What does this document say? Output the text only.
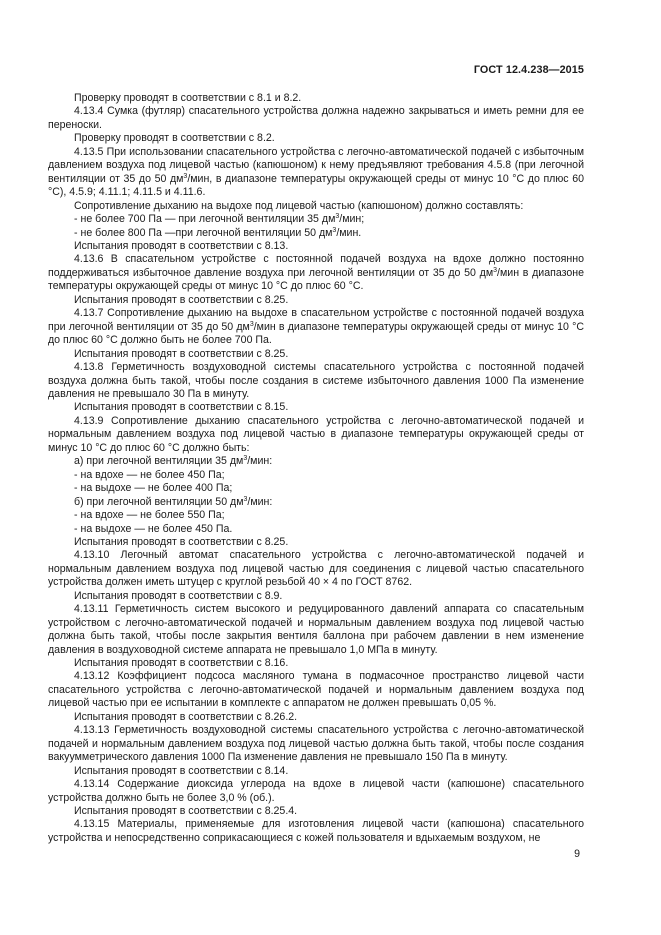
ГОСТ 12.4.238—2015

Проверку проводят в соответствии с 8.1 и 8.2.

4.13.4 Сумка (футляр) спасательного устройства должна надежно закрываться и иметь ремни для ее переноски.

Проверку проводят в соответствии с 8.2.

4.13.5 При использовании спасательного устройства с легочно-автоматической подачей с избыточным давлением воздуха под лицевой частью (капюшоном) к нему предъявляют требования 4.5.8 (при легочной вентиляции от 35 до 50 $дм^3$/мин, в диапазоне температуры окружающей среды от минус 10 °С до плюс 60 °С), 4.5.9; 4.11.1; 4.11.5 и 4.11.6.

Сопротивление дыханию на выдохе под лицевой частью (капюшоном) должно составлять:

- не более 700 Па — при легочной вентиляции 35 $дм^3$/мин;

- не более 800 Па —при легочной вентиляции 50 $дм^3$/мин.

Испытания проводят в соответствии с 8.13.

4.13.6 В спасательном устройстве с постоянной подачей воздуха на вдохе должно постоянно поддерживаться избыточное давление воздуха при легочной вентиляции от 35 до 50 $дм^3$/мин в диапазоне температуры окружающей среды от минус 10 °С до плюс 60 °С.

Испытания проводят в соответствии с 8.25.

4.13.7 Сопротивление дыханию на выдохе в спасательном устройстве с постоянной подачей воздуха при легочной вентиляции от 35 до 50 $дм^3$/мин в диапазоне температуры окружающей среды от минус 10 °С до плюс 60 °С должно быть не более 700 Па.

Испытания проводят в соответствии с 8.25.

4.13.8 Герметичность воздуховодной системы спасательного устройства с постоянной подачей воздуха должна быть такой, чтобы после создания в системе избыточного давления 1000 Па изменение давления не превышало 30 Па в минуту.

Испытания проводят в соответствии с 8.15.

4.13.9 Сопротивление дыханию спасательного устройства с легочно-автоматической подачей и нормальным давлением воздуха под лицевой частью в диапазоне температуры окружающей среды от минус 10 °С до плюс 60 °С должно быть:

а) при легочной вентиляции 35 $дм^3$/мин:

- на вдохе — не более 450 Па;

- на выдохе — не более 400 Па;

б) при легочной вентиляции 50 $дм^3$/мин:

- на вдохе — не более 550 Па;

- на выдохе — не более 450 Па.

Испытания проводят в соответствии с 8.25.

4.13.10 Легочный автомат спасательного устройства с легочно-автоматической подачей и нормальным давлением воздуха под лицевой частью для соединения с лицевой частью спасательного устройства должен иметь штуцер с круглой резьбой 40 × 4 по ГОСТ 8762.

Испытания проводят в соответствии с 8.9.

4.13.11 Герметичность систем высокого и редуцированного давлений аппарата со спасательным устройством с легочно-автоматической подачей и нормальным давлением воздуха под лицевой частью должна быть такой, чтобы после закрытия вентиля баллона при рабочем давлении в нем изменение давления в воздуховодной системе аппарата не превышало 1,0 МПа в минуту.

Испытания проводят в соответствии с 8.16.

4.13.12 Коэффициент подсоса масляного тумана в подмасочное пространство лицевой части спасательного устройства с легочно-автоматической подачей и нормальным давлением воздуха под лицевой частью при ее испытании в комплекте с аппаратом не должен превышать 0,05 %.

Испытания проводят в соответствии с 8.26.2.

4.13.13 Герметичность воздуховодной системы спасательного устройства с легочно-автоматической подачей и нормальным давлением воздуха под лицевой частью должна быть такой, чтобы после создания вакуумметрического давления 1000 Па изменение давления не превышало 150 Па в минуту.

Испытания проводят в соответствии с 8.14.

4.13.14 Содержание диоксида углерода на вдохе в лицевой части (капюшоне) спасательного устройства должно быть не более 3,0 % (об.).

Испытания проводят в соответствии с 8.25.4.

4.13.15 Материалы, применяемые для изготовления лицевой части (капюшона) спасательного устройства и непосредственно соприкасающиеся с кожей пользователя и вдыхаемым воздухом, не

9
